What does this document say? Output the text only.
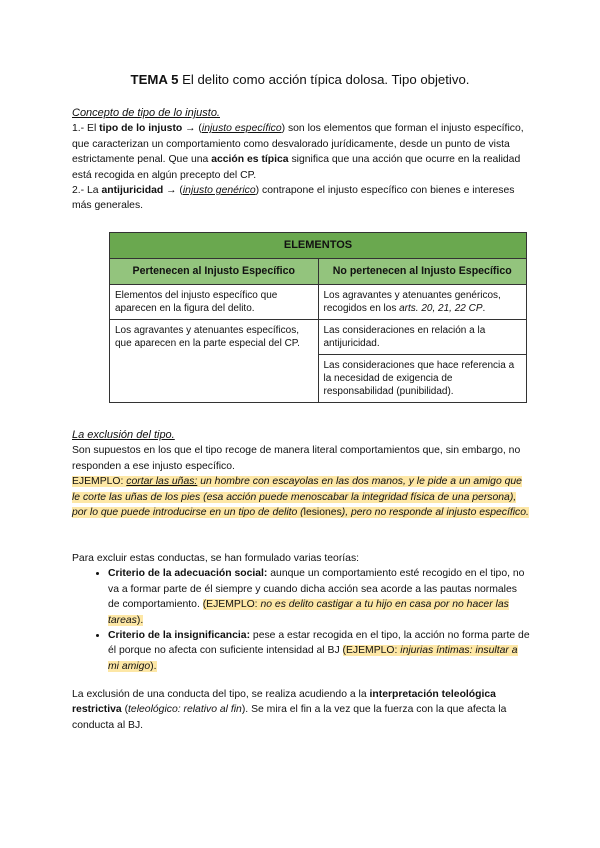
TEMA 5 El delito como acción típica dolosa. Tipo objetivo.
Concepto de tipo de lo injusto.
1.- El tipo de lo injusto → (injusto específico) son los elementos que forman el injusto específico, que caracterizan un comportamiento como desvalorado jurídicamente, desde un punto de vista estrictamente penal. Que una acción es típica significa que una acción que ocurre en la realidad está recogida en algún precepto del CP.
2.- La antijuricidad → (injusto genérico) contrapone el injusto específico con bienes e intereses más generales.
ELEMENTOS	
Pertenecen al Injusto Específico	No pertenecen al Injusto Específico
Elementos del injusto específico que aparecen en la figura del delito.	Los agravantes y atenuantes genéricos, recogidos en los arts. 20, 21, 22 CP.
Los agravantes y atenuantes específicos, que aparecen en la parte especial del CP.	Las consideraciones en relación a la antijuricidad.
	Las consideraciones que hace referencia a la necesidad de exigencia de responsabilidad (punibilidad).
La exclusión del tipo.
Son supuestos en los que el tipo recoge de manera literal comportamientos que, sin embargo, no responden a ese injusto específico.
EJEMPLO: cortar las uñas: un hombre con escayolas en las dos manos, y le pide a un amigo que le corte las uñas de los pies (esa acción puede menoscabar la integridad física de una persona), por lo que puede introducirse en un tipo de delito (lesiones), pero no responde al injusto específico.
Para excluir estas conductas, se han formulado varias teorías:
• Criterio de la adecuación social: aunque un comportamiento esté recogido en el tipo, no va a formar parte de él siempre y cuando dicha acción sea acorde a las pautas normales de comportamiento. (EJEMPLO: no es delito castigar a tu hijo en casa por no hacer las tareas).
• Criterio de la insignificancia: pese a estar recogida en el tipo, la acción no forma parte de él porque no afecta con suficiente intensidad al BJ (EJEMPLO: injurias íntimas: insultar a mi amigo).
La exclusión de una conducta del tipo, se realiza acudiendo a la interpretación teleológica restrictiva (teleológico: relativo al fin). Se mira el fin a la vez que la fuerza con la que afecta la conducta al BJ.
